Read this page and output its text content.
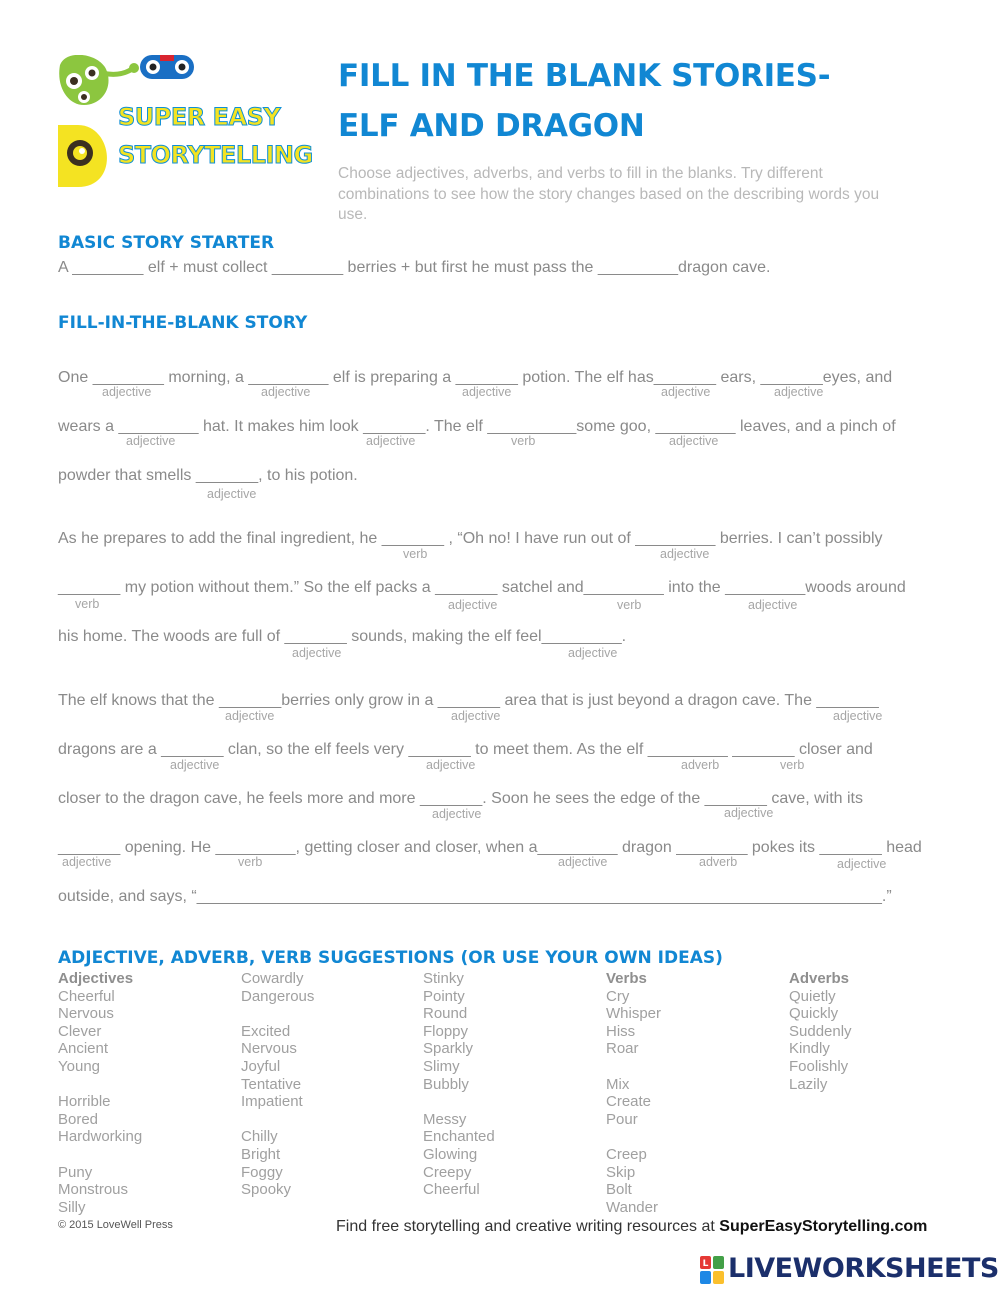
SUPER EASY
STORYTELLING
FILL IN THE BLANK STORIES-
ELF AND DRAGON
Choose adjectives, adverbs, and verbs to fill in the blanks. Try different combinations to see how the story changes based on the describing words you use.
BASIC STORY STARTER
A ________ elf + must collect ________ berries + but first he must pass the _________dragon cave.
FILL-IN-THE-BLANK STORY
One ________ morning, a _________ elf is preparing a _______ potion. The elf has_______ ears, _______eyes, and
wears a _________ hat. It makes him look _______. The elf __________some goo, _________ leaves, and a pinch of
powder that smells _______, to his potion.
As he prepares to add the final ingredient, he _______ , “Oh no! I have run out of _________ berries. I can’t possibly
_______ my potion without them.” So the elf packs a _______ satchel and_________ into the _________woods around
his home. The woods are full of _______ sounds, making the elf feel_________.
The elf knows that the _______berries only grow in a _______ area that is just beyond a dragon cave. The _______
dragons are a _______ clan, so the elf feels very _______ to meet them. As the elf _________ _______ closer and
closer to the dragon cave, he feels more and more _______. Soon he sees the edge of the _______ cave, with its
_______ opening. He _________, getting closer and closer, when a_________ dragon ________ pokes its _______ head
outside, and says, “_____________________________________________________________________________.”
adjective	adjective	adjective	adjective	adjective
adjective	adjective	verb	adjective
adjective
verb	adjective
verb	adjective	verb	adjective
adjective	adjective
adjective	adjective	adjective
adjective	adjective	adverb	verb
adjective	adjective
adjective	verb	adjective	adverb	adjective
ADJECTIVE, ADVERB, VERB SUGGESTIONS (OR USE YOUR OWN IDEAS)
Adjectives
Cheerful
Nervous
Clever
Ancient
Young
Horrible
Bored
Hardworking
Puny
Monstrous
Silly
Cowardly
Dangerous
Excited
Nervous
Joyful
Tentative
Impatient
Chilly
Bright
Foggy
Spooky
Stinky
Pointy
Round
Floppy
Sparkly
Slimy
Bubbly
Messy
Enchanted
Glowing
Creepy
Cheerful
Verbs
Cry
Whisper
Hiss
Roar
Mix
Create
Pour
Creep
Skip
Bolt
Wander
Adverbs
Quietly
Quickly
Suddenly
Kindly
Foolishly
Lazily
© 2015 LoveWell Press	Find free storytelling and creative writing resources at SuperEasyStorytelling.com
L LIVEWORKSHEETS
